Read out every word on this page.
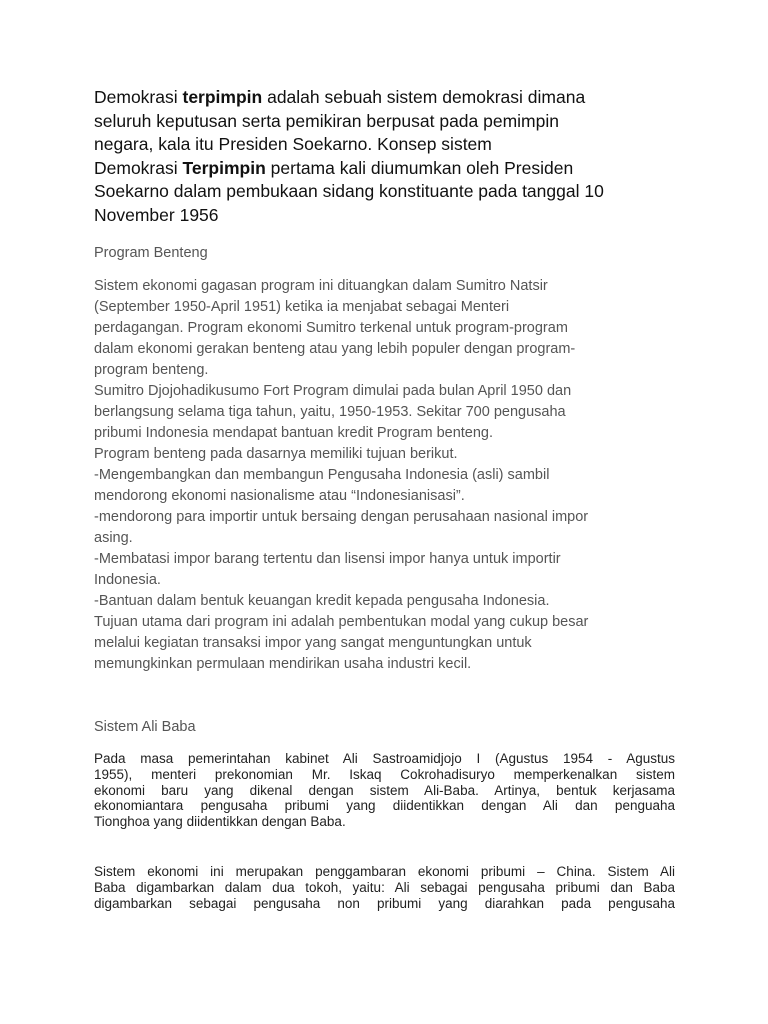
Demokrasi terpimpin adalah sebuah sistem demokrasi dimana
seluruh keputusan serta pemikiran berpusat pada pemimpin
negara, kala itu Presiden Soekarno. Konsep sistem
Demokrasi Terpimpin pertama kali diumumkan oleh Presiden
Soekarno dalam pembukaan sidang konstituante pada tanggal 10
November 1956
Program Benteng
Sistem ekonomi gagasan program ini dituangkan dalam Sumitro Natsir
(September 1950-April 1951) ketika ia menjabat sebagai Menteri
perdagangan. Program ekonomi Sumitro terkenal untuk program-program
dalam ekonomi gerakan benteng atau yang lebih populer dengan program-
program benteng.
Sumitro Djojohadikusumo Fort Program dimulai pada bulan April 1950 dan
berlangsung selama tiga tahun, yaitu, 1950-1953. Sekitar 700 pengusaha
pribumi Indonesia mendapat bantuan kredit Program benteng.
Program benteng pada dasarnya memiliki tujuan berikut.
-Mengembangkan dan membangun Pengusaha Indonesia (asli) sambil
mendorong ekonomi nasionalisme atau “Indonesianisasi”.
-mendorong para importir untuk bersaing dengan perusahaan nasional impor
asing.
-Membatasi impor barang tertentu dan lisensi impor hanya untuk importir
Indonesia.
-Bantuan dalam bentuk keuangan kredit kepada pengusaha Indonesia.
Tujuan utama dari program ini adalah pembentukan modal yang cukup besar
melalui kegiatan transaksi impor yang sangat menguntungkan untuk
memungkinkan permulaan mendirikan usaha industri kecil.
Sistem Ali Baba
Pada masa pemerintahan kabinet Ali Sastroamidjojo I (Agustus 1954 - Agustus
1955), menteri prekonomian Mr. Iskaq Cokrohadisuryo memperkenalkan sistem
ekonomi baru yang dikenal dengan sistem Ali-Baba. Artinya, bentuk kerjasama
ekonomiantara pengusaha pribumi yang diidentikkan dengan Ali dan penguaha
Tionghoa yang diidentikkan dengan Baba.
Sistem ekonomi ini merupakan penggambaran ekonomi pribumi – China. Sistem Ali
Baba digambarkan dalam dua tokoh, yaitu: Ali sebagai pengusaha pribumi dan Baba
digambarkan sebagai pengusaha non pribumi yang diarahkan pada pengusaha
